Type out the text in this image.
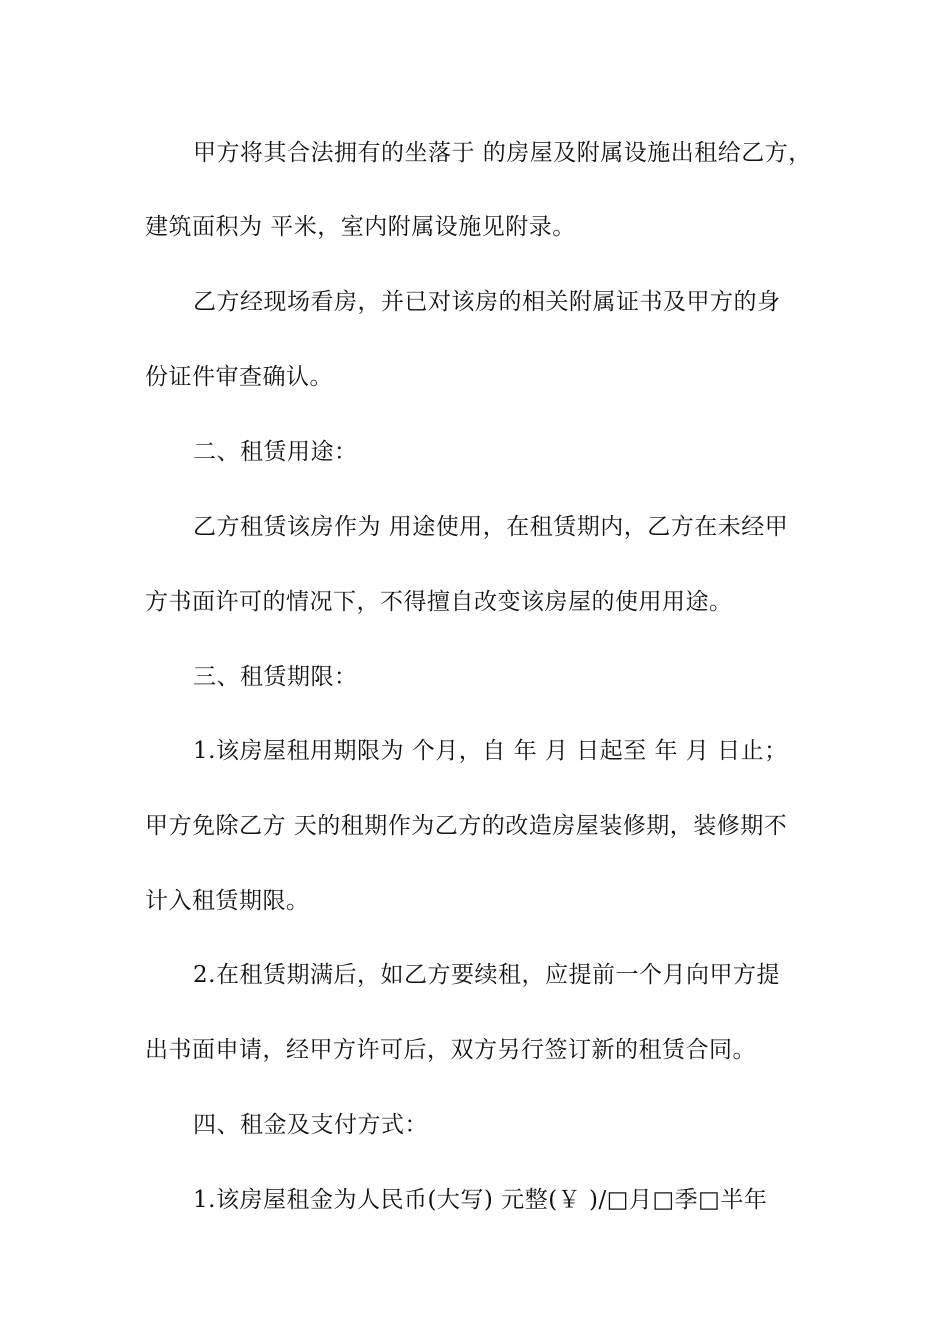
甲方将其合法拥有的坐落于 的房屋及附属设施出租给乙方，
建筑面积为 平米，室内附属设施见附录。
乙方经现场看房，并已对该房的相关附属证书及甲方的身
份证件审查确认。
二、租赁用途：
乙方租赁该房作为 用途使用，在租赁期内，乙方在未经甲
方书面许可的情况下，不得擅自改变该房屋的使用用途。
三、租赁期限：
1.该房屋租用期限为 个月，自 年 月 日起至 年 月 日止；
甲方免除乙方 天的租期作为乙方的改造房屋装修期，装修期不
计入租赁期限。
2.在租赁期满后，如乙方要续租，应提前一个月向甲方提
出书面申请，经甲方许可后，双方另行签订新的租赁合同。
四、租金及支付方式：
1.该房屋租金为人民币(大写) 元整(￥ )/□月□季□半年
